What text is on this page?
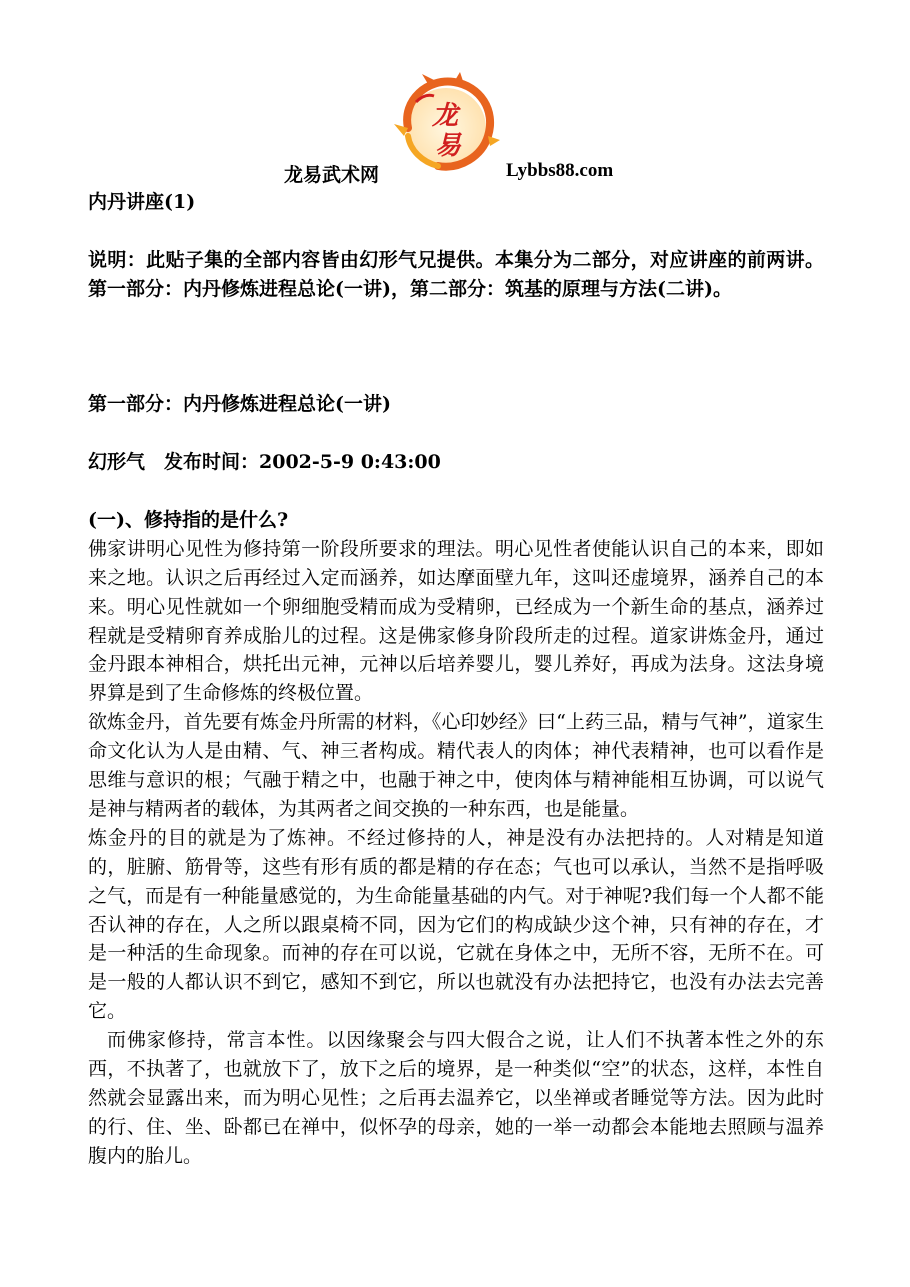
龙
易
龙易武术网	Lybbs88.com

内丹讲座(1)

说明：此贴子集的全部内容皆由幻形气兄提供。本集分为二部分，对应讲座的前两讲。第一部分：内丹修炼进程总论(一讲)，第二部分：筑基的原理与方法(二讲)。

第一部分：内丹修炼进程总论(一讲)

幻形气　发布时间：2002-5-9 0:43:00

(一)、修持指的是什么?

佛家讲明心见性为修持第一阶段所要求的理法。明心见性者使能认识自己的本来，即如来之地。认识之后再经过入定而涵养，如达摩面壁九年，这叫还虚境界，涵养自己的本来。明心见性就如一个卵细胞受精而成为受精卵，已经成为一个新生命的基点，涵养过程就是受精卵育养成胎儿的过程。这是佛家修身阶段所走的过程。道家讲炼金丹，通过金丹跟本神相合，烘托出元神，元神以后培养婴儿，婴儿养好，再成为法身。这法身境界算是到了生命修炼的终极位置。

欲炼金丹，首先要有炼金丹所需的材料，《心印妙经》曰“上药三品，精与气神”，道家生命文化认为人是由精、气、神三者构成。精代表人的肉体；神代表精神，也可以看作是思维与意识的根；气融于精之中，也融于神之中，使肉体与精神能相互协调，可以说气是神与精两者的载体，为其两者之间交换的一种东西，也是能量。

炼金丹的目的就是为了炼神。不经过修持的人，神是没有办法把持的。人对精是知道的，脏腑、筋骨等，这些有形有质的都是精的存在态；气也可以承认，当然不是指呼吸之气，而是有一种能量感觉的，为生命能量基础的内气。对于神呢?我们每一个人都不能否认神的存在，人之所以跟桌椅不同，因为它们的构成缺少这个神，只有神的存在，才是一种活的生命现象。而神的存在可以说，它就在身体之中，无所不容，无所不在。可是一般的人都认识不到它，感知不到它，所以也就没有办法把持它，也没有办法去完善它。

而佛家修持，常言本性。以因缘聚会与四大假合之说，让人们不执著本性之外的东西，不执著了，也就放下了，放下之后的境界，是一种类似“空”的状态，这样，本性自然就会显露出来，而为明心见性；之后再去温养它，以坐禅或者睡觉等方法。因为此时的行、住、坐、卧都已在禅中，似怀孕的母亲，她的一举一动都会本能地去照顾与温养腹内的胎儿。
